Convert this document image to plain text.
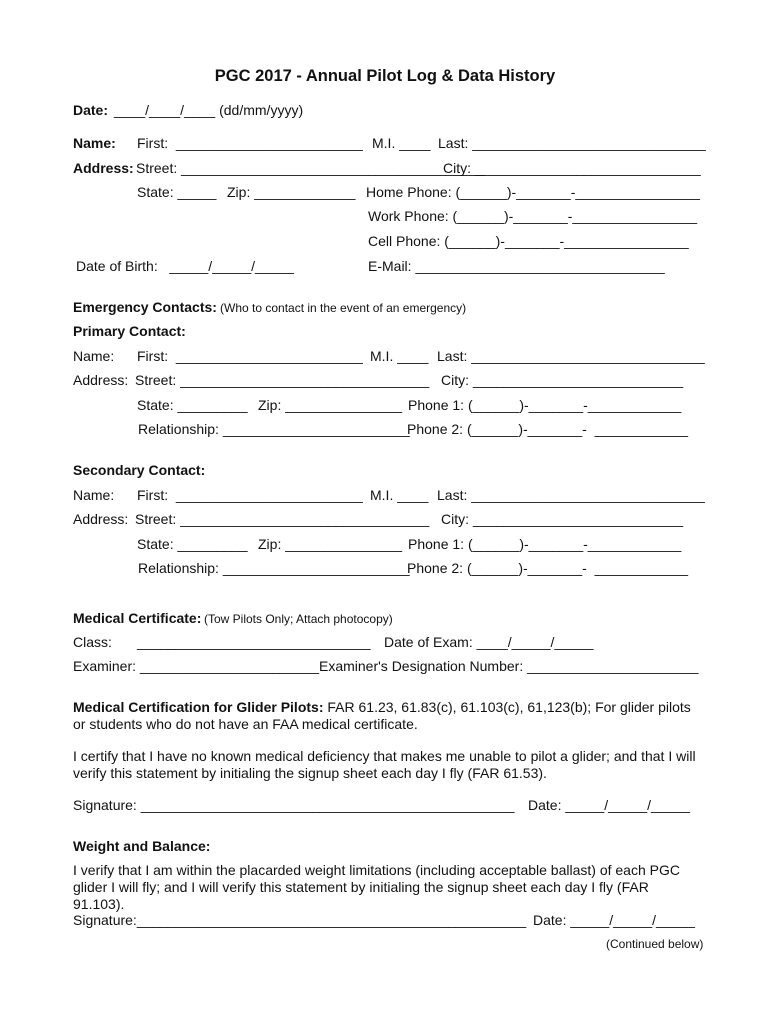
PGC 2017 - Annual Pilot Log & Data History
Date: ____/____/____ (dd/mm/yyyy)
Name: First:  ________________________ M.I. ____ Last: ______________________________
Address: Street: _______________________________________
City: _____________________________
State: _____ Zip: _____________ Home Phone: (______)-_______-________________
Work Phone: (______)-_______-________________
Cell Phone: (______)-_______-________________
Date of Birth:   _____/_____/_____	E-Mail: ________________________________
Emergency Contacts: (Who to contact in the event of an emergency)
Primary Contact:
Name: First:  ________________________ M.I. ____ Last: ______________________________
Address: Street: ________________________________ City: ___________________________
State: _________ Zip: _______________ Phone 1: (______)-_______-____________
Relationship: ________________________
Phone 2: (______)-_______-  ____________
Secondary Contact:
Name: First:  ________________________ M.I. ____ Last: ______________________________
Address: Street: ________________________________ City: ___________________________
State: _________ Zip: _______________ Phone 1: (______)-_______-____________
Relationship: ________________________
Phone 2: (______)-_______-  ____________
Medical Certificate: (Tow Pilots Only; Attach photocopy)
Class: ______________________________ Date of Exam: ____/_____/_____
Examiner: _______________________ Examiner's Designation Number: ______________________
Medical Certification for Glider Pilots: FAR 61.23, 61.83(c), 61.103(c), 61,123(b); For glider pilots or students who do not have an FAA medical certificate.
I certify that I have no known medical deficiency that makes me unable to pilot a glider; and that I will verify this statement by initialing the signup sheet each day I fly (FAR 61.53).
Signature: ________________________________________________ Date: _____/_____/_____
Weight and Balance:
I verify that I am within the placarded weight limitations (including acceptable ballast) of each PGC glider I will fly; and I will verify this statement by initialing the signup sheet each day I fly (FAR 91.103).
Signature:__________________________________________________ Date: _____/_____/_____
(Continued below)
